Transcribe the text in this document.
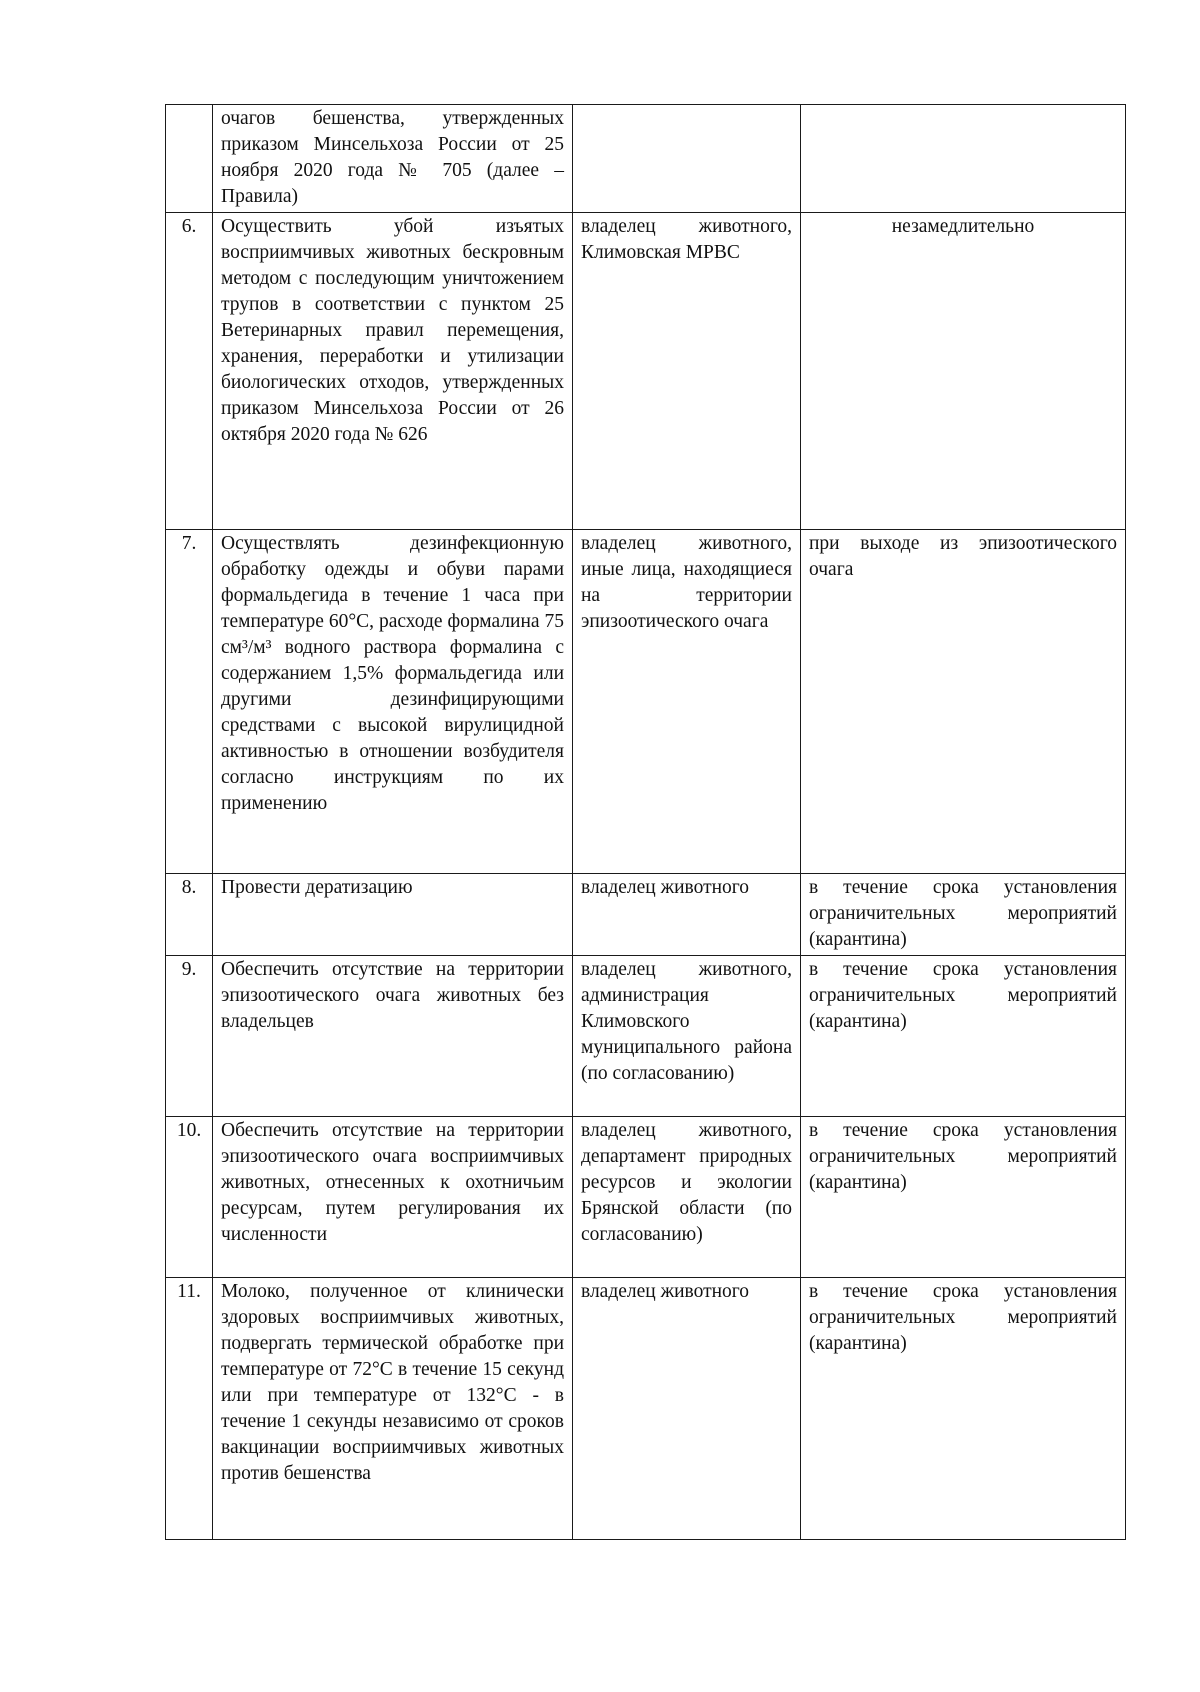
	очагов бешенства, утвержденных приказом Минсельхоза России от 25 ноября 2020 года № 705 (далее – Правила)		
6.	Осуществить убой изъятых восприимчивых животных бескровным методом с последующим уничтожением трупов в соответствии с пунктом 25 Ветеринарных правил перемещения, хранения, переработки и утилизации биологических отходов, утвержденных приказом Минсельхоза России от 26 октября 2020 года № 626	владелец животного, Климовская МРВС	незамедлительно
7.	Осуществлять дезинфекционную обработку одежды и обуви парами формальдегида в течение 1 часа при температуре 60°С, расходе формалина 75 см³/м³ водного раствора формалина с содержанием 1,5% формальдегида или другими дезинфицирующими средствами с высокой вирулицидной активностью в отношении возбудителя согласно инструкциям по их применению	владелец животного, иные лица, находящиеся на территории эпизоотического очага	при выходе из эпизоотического очага
8.	Провести дератизацию	владелец животного	в течение срока установления ограничительных мероприятий (карантина)
9.	Обеспечить отсутствие на территории эпизоотического очага животных без владельцев	владелец животного, администрация Климовского муниципального района (по согласованию)	в течение срока установления ограничительных мероприятий (карантина)
10.	Обеспечить отсутствие на территории эпизоотического очага восприимчивых животных, отнесенных к охотничьим ресурсам, путем регулирования их численности	владелец животного, департамент природных ресурсов и экологии Брянской области (по согласованию)	в течение срока установления ограничительных мероприятий (карантина)
11.	Молоко, полученное от клинически здоровых восприимчивых животных, подвергать термической обработке при температуре от 72°С в течение 15 секунд или при температуре от 132°С - в течение 1 секунды независимо от сроков вакцинации восприимчивых животных против бешенства	владелец животного	в течение срока установления ограничительных мероприятий (карантина)
